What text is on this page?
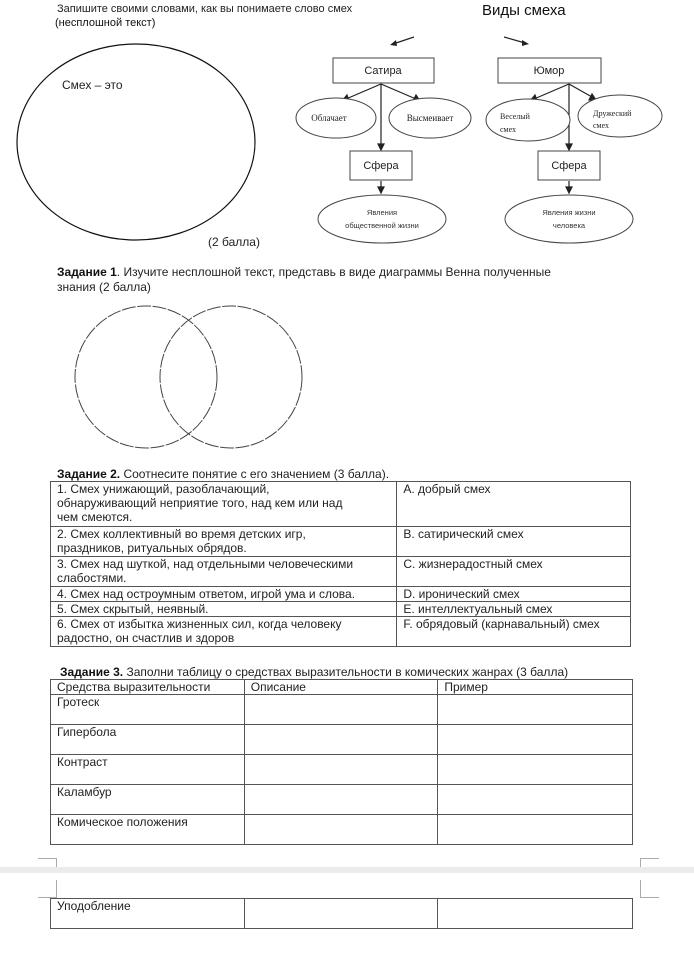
Запишите своими словами, как вы понимаете слово смех
(несплошной текст)
Смех – это
Виды смеха
Сатира	Юмор
Облачает	Высмеивает	Веселый
смех
Дружеский
смех
Сфера	Сфера
Явления
общественной жизни
Явления жизни
человека
(2 балла)
Задание 1. Изучите несплошной текст, представь в виде диаграммы Венна полученные
знания (2 балла)
Задание 2. Соотнесите понятие с его значением (3 балла).
1. Смех унижающий, разоблачающий,
обнаруживающий неприятие того, над кем или над
чем смеются.	A. добрый смех
2. Смех коллективный во время детских игр,
праздников, ритуальных обрядов.	B. сатирический смех
3. Смех над шуткой, над отдельными человеческими
слабостями.	C. жизнерадостный смех
4. Смех над остроумным ответом, игрой ума и слова.	D. иронический смех
5. Смех скрытый, неявный.	E. интеллектуальный смех
6. Смех от избытка жизненных сил, когда человеку
радостно, он счастлив и здоров	F. обрядовый (карнавальный) смех
Задание 3. Заполни таблицу о средствах выразительности в комических жанрах (3 балла)
Средства выразительности	Описание	Пример
Гротеск		
Гипербола		
Контраст		
Каламбур		
Комическое положения		
Уподобление		
